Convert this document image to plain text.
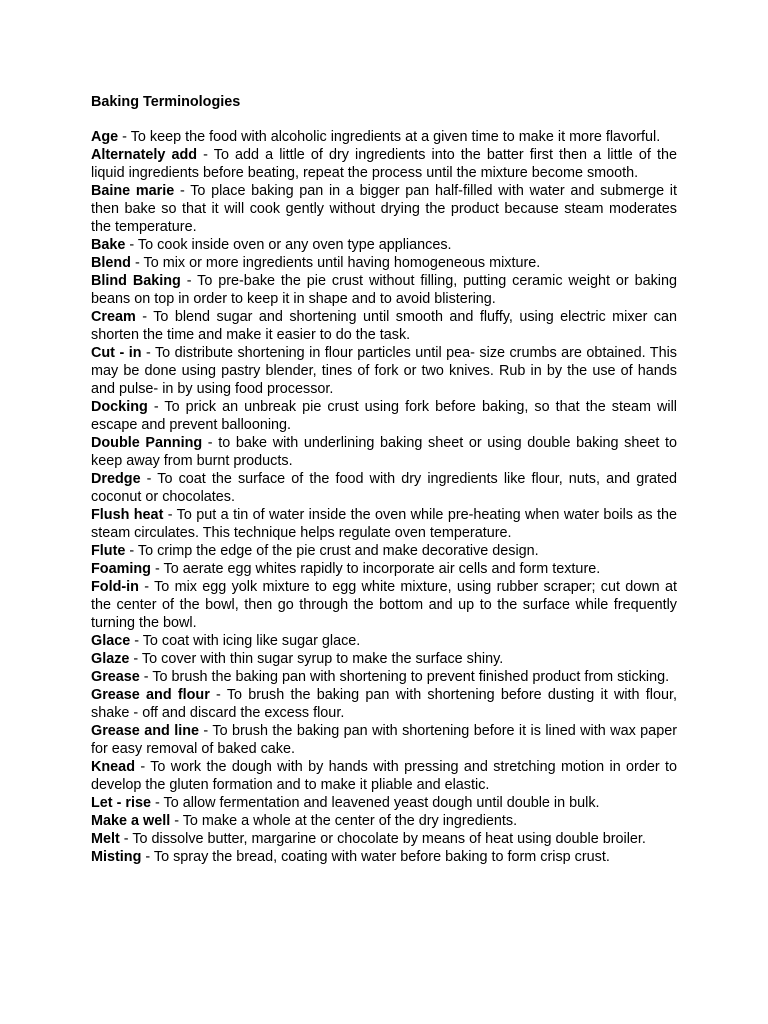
Baking Terminologies

Age - To keep the food with alcoholic ingredients at a given time to make it more flavorful.

Alternately add - To add a little of dry ingredients into the batter first then a little of the liquid ingredients before beating, repeat the process until the mixture become smooth.

Baine marie - To place baking pan in a bigger pan half-filled with water and submerge it then bake so that it will cook gently without drying the product because steam moderates the temperature.

Bake - To cook inside oven or any oven type appliances.

Blend - To mix or more ingredients until having homogeneous mixture.

Blind Baking - To pre-bake the pie crust without filling, putting ceramic weight or baking beans on top in order to keep it in shape and to avoid blistering.

Cream - To blend sugar and shortening until smooth and fluffy, using electric mixer can shorten the time and make it easier to do the task.

Cut - in - To distribute shortening in flour particles until pea- size crumbs are obtained. This may be done using pastry blender, tines of fork or two knives. Rub in by the use of hands and pulse- in by using food processor.

Docking - To prick an unbreak pie crust using fork before baking, so that the steam will escape and prevent ballooning.

Double Panning - to bake with underlining baking sheet or using double baking sheet to keep away from burnt products.

Dredge - To coat the surface of the food with dry ingredients like flour, nuts, and grated coconut or chocolates.

Flush heat - To put a tin of water inside the oven while pre-heating when water boils as the steam circulates. This technique helps regulate oven temperature.

Flute - To crimp the edge of the pie crust and make decorative design.

Foaming - To aerate egg whites rapidly to incorporate air cells and form texture.

Fold-in - To mix egg yolk mixture to egg white mixture, using rubber scraper; cut down at the center of the bowl, then go through the bottom and up to the surface while frequently turning the bowl.

Glace - To coat with icing like sugar glace.

Glaze - To cover with thin sugar syrup to make the surface shiny.

Grease - To brush the baking pan with shortening to prevent finished product from sticking.

Grease and flour - To brush the baking pan with shortening before dusting it with flour, shake - off and discard the excess flour.

Grease and line - To brush the baking pan with shortening before it is lined with wax paper for easy removal of baked cake.

Knead - To work the dough with by hands with pressing and stretching motion in order to develop the gluten formation and to make it pliable and elastic.

Let - rise - To allow fermentation and leavened yeast dough until double in bulk.

Make a well - To make a whole at the center of the dry ingredients.

Melt - To dissolve butter, margarine or chocolate by means of heat using double broiler.

Misting - To spray the bread, coating with water before baking to form crisp crust.
